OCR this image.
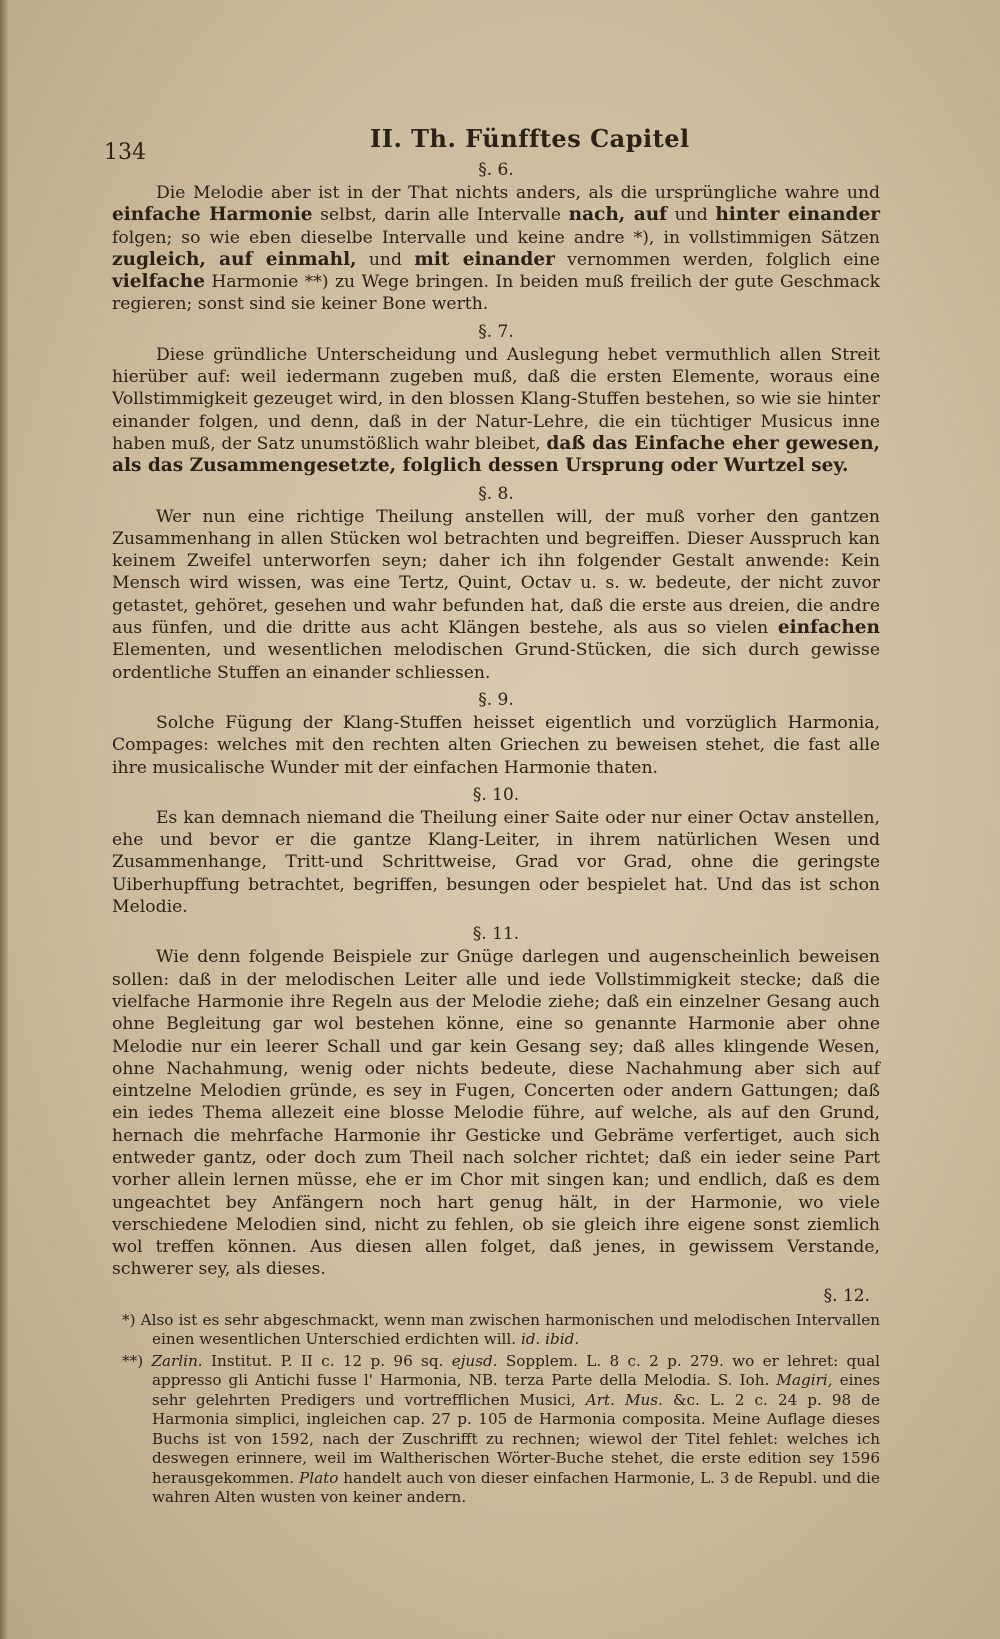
134	II. Th. Fünfftes Capitel
§. 6.

Die Melodie aber ist in der That nichts anders, als die ursprüngliche wahre und einfache Harmonie selbst, darin alle Intervalle nach, auf und hinter einander folgen; so wie eben dieselbe Intervalle und keine andre *), in vollstimmigen Sätzen zugleich, auf einmahl, und mit einander vernommen werden, folglich eine vielfache Harmonie **) zu Wege bringen. In beiden muß freilich der gute Geschmack regieren; sonst sind sie keiner Bone werth.

§. 7.

Diese gründliche Unterscheidung und Auslegung hebet vermuthlich allen Streit hierüber auf: weil iedermann zugeben muß, daß die ersten Elemente, woraus eine Vollstimmigkeit gezeuget wird, in den blossen Klang-Stuffen bestehen, so wie sie hinter einander folgen, und denn, daß in der Natur-Lehre, die ein tüchtiger Musicus inne haben muß, der Satz unumstößlich wahr bleibet, daß das Einfache eher gewesen, als das Zusammengesetzte, folglich dessen Ursprung oder Wurtzel sey.

§. 8.

Wer nun eine richtige Theilung anstellen will, der muß vorher den gantzen Zusammenhang in allen Stücken wol betrachten und begreiffen. Dieser Ausspruch kan keinem Zweifel unterworfen seyn; daher ich ihn folgender Gestalt anwende: Kein Mensch wird wissen, was eine Tertz, Quint, Octav u. s. w. bedeute, der nicht zuvor getastet, gehöret, gesehen und wahr befunden hat, daß die erste aus dreien, die andre aus fünfen, und die dritte aus acht Klängen bestehe, als aus so vielen einfachen Elementen, und wesentlichen melodischen Grund-Stücken, die sich durch gewisse ordentliche Stuffen an einander schliessen.

§. 9.

Solche Fügung der Klang-Stuffen heisset eigentlich und vorzüglich Harmonia, Compages: welches mit den rechten alten Griechen zu beweisen stehet, die fast alle ihre musicalische Wunder mit der einfachen Harmonie thaten.

§. 10.

Es kan demnach niemand die Theilung einer Saite oder nur einer Octav anstellen, ehe und bevor er die gantze Klang-Leiter, in ihrem natürlichen Wesen und Zusammenhange, Tritt-und Schrittweise, Grad vor Grad, ohne die geringste Uiberhupffung betrachtet, begriffen, besungen oder bespielet hat. Und das ist schon Melodie.

§. 11.

Wie denn folgende Beispiele zur Gnüge darlegen und augenscheinlich beweisen sollen: daß in der melodischen Leiter alle und iede Vollstimmigkeit stecke; daß die vielfache Harmonie ihre Regeln aus der Melodie ziehe; daß ein einzelner Gesang auch ohne Begleitung gar wol bestehen könne, eine so genannte Harmonie aber ohne Melodie nur ein leerer Schall und gar kein Gesang sey; daß alles klingende Wesen, ohne Nachahmung, wenig oder nichts bedeute, diese Nachahmung aber sich auf eintzelne Melodien gründe, es sey in Fugen, Concerten oder andern Gattungen; daß ein iedes Thema allezeit eine blosse Melodie führe, auf welche, als auf den Grund, hernach die mehrfache Harmonie ihr Gesticke und Gebräme verfertiget, auch sich entweder gantz, oder doch zum Theil nach solcher richtet; daß ein ieder seine Part vorher allein lernen müsse, ehe er im Chor mit singen kan; und endlich, daß es dem ungeachtet bey Anfängern noch hart genug hält, in der Harmonie, wo viele verschiedene Melodien sind, nicht zu fehlen, ob sie gleich ihre eigene sonst ziemlich wol treffen können. Aus diesen allen folget, daß jenes, in gewissem Verstande, schwerer sey, als dieses.

§. 12.

*) Also ist es sehr abgeschmackt, wenn man zwischen harmonischen und melodischen Intervallen einen wesentlichen Unterschied erdichten will. id. ibid.

**) Zarlin. Institut. P. II c. 12 p. 96 sq. ejusd. Sopplem. L. 8 c. 2 p. 279. wo er lehret: qual appresso gli Antichi fusse l' Harmonia, NB. terza Parte della Melodia. S. Ioh. Magiri, eines sehr gelehrten Predigers und vortrefflichen Musici, Art. Mus. &c. L. 2 c. 24 p. 98 de Harmonia simplici, ingleichen cap. 27 p. 105 de Harmonia composita. Meine Auflage dieses Buchs ist von 1592, nach der Zuschrifft zu rechnen; wiewol der Titel fehlet: welches ich deswegen erinnere, weil im Waltherischen Wörter-Buche stehet, die erste edition sey 1596 herausgekommen. Plato handelt auch von dieser einfachen Harmonie, L. 3 de Republ. und die wahren Alten wusten von keiner andern.
